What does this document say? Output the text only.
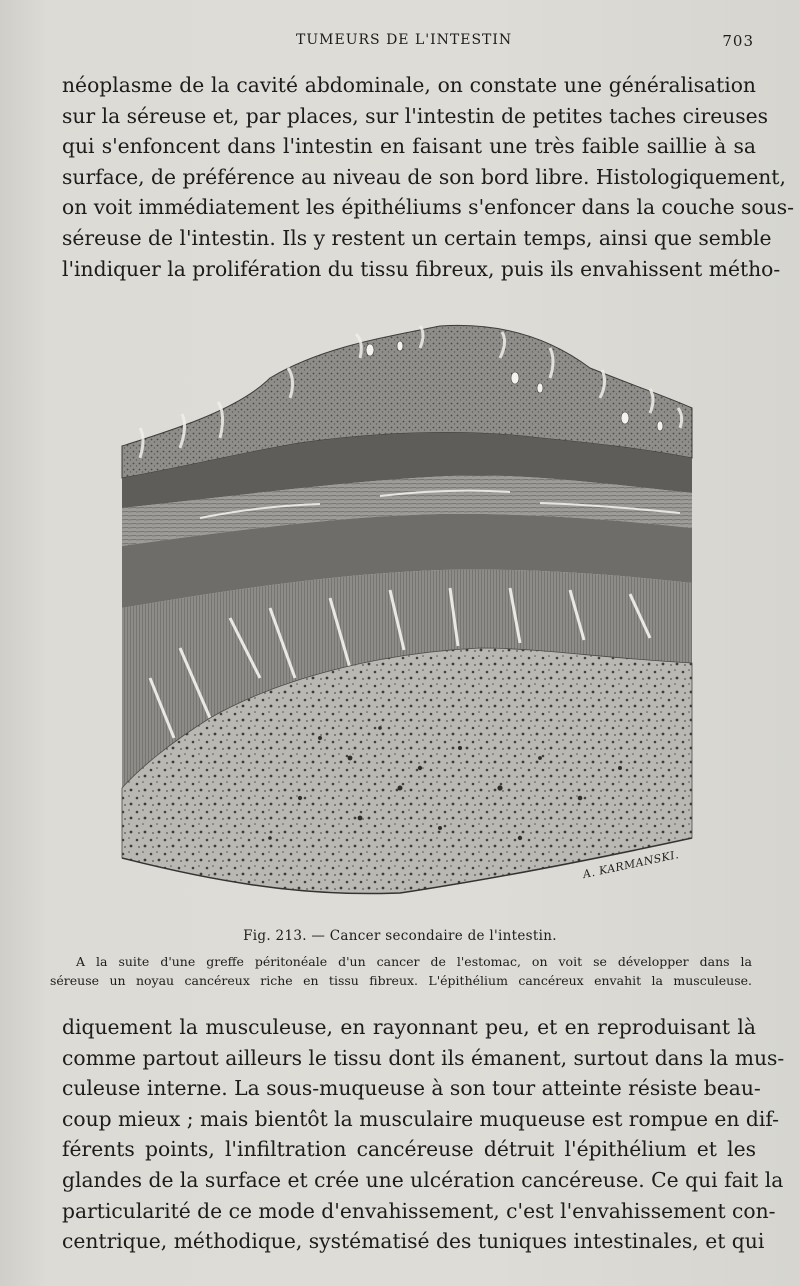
TUMEURS DE L'INTESTIN	703
néoplasme de la cavité abdominale, on constate une généralisation
sur la séreuse et, par places, sur l'intestin de petites taches cireuses
qui s'enfoncent dans l'intestin en faisant une très faible saillie à sa
surface, de préférence au niveau de son bord libre. Histologiquement,
on voit immédiatement les épithéliums s'enfoncer dans la couche sous-
séreuse de l'intestin. Ils y restent un certain temps, ainsi que semble
l'indiquer la prolifération du tissu fibreux, puis ils envahissent métho-
A. KARMANSKI.
Fig. 213. — Cancer secondaire de l'intestin.
A la suite d'une greffe péritonéale d'un cancer de l'estomac, on voit se développer dans la
séreuse un noyau cancéreux riche en tissu fibreux. L'épithélium cancéreux envahit la musculeuse.
diquement la musculeuse, en rayonnant peu, et en reproduisant là
comme partout ailleurs le tissu dont ils émanent, surtout dans la mus-
culeuse interne. La sous-muqueuse à son tour atteinte résiste beau-
coup mieux ; mais bientôt la musculaire muqueuse est rompue en dif-
férents points, l'infiltration cancéreuse détruit l'épithélium et les
glandes de la surface et crée une ulcération cancéreuse. Ce qui fait la
particularité de ce mode d'envahissement, c'est l'envahissement con-
centrique, méthodique, systématisé des tuniques intestinales, et qui
